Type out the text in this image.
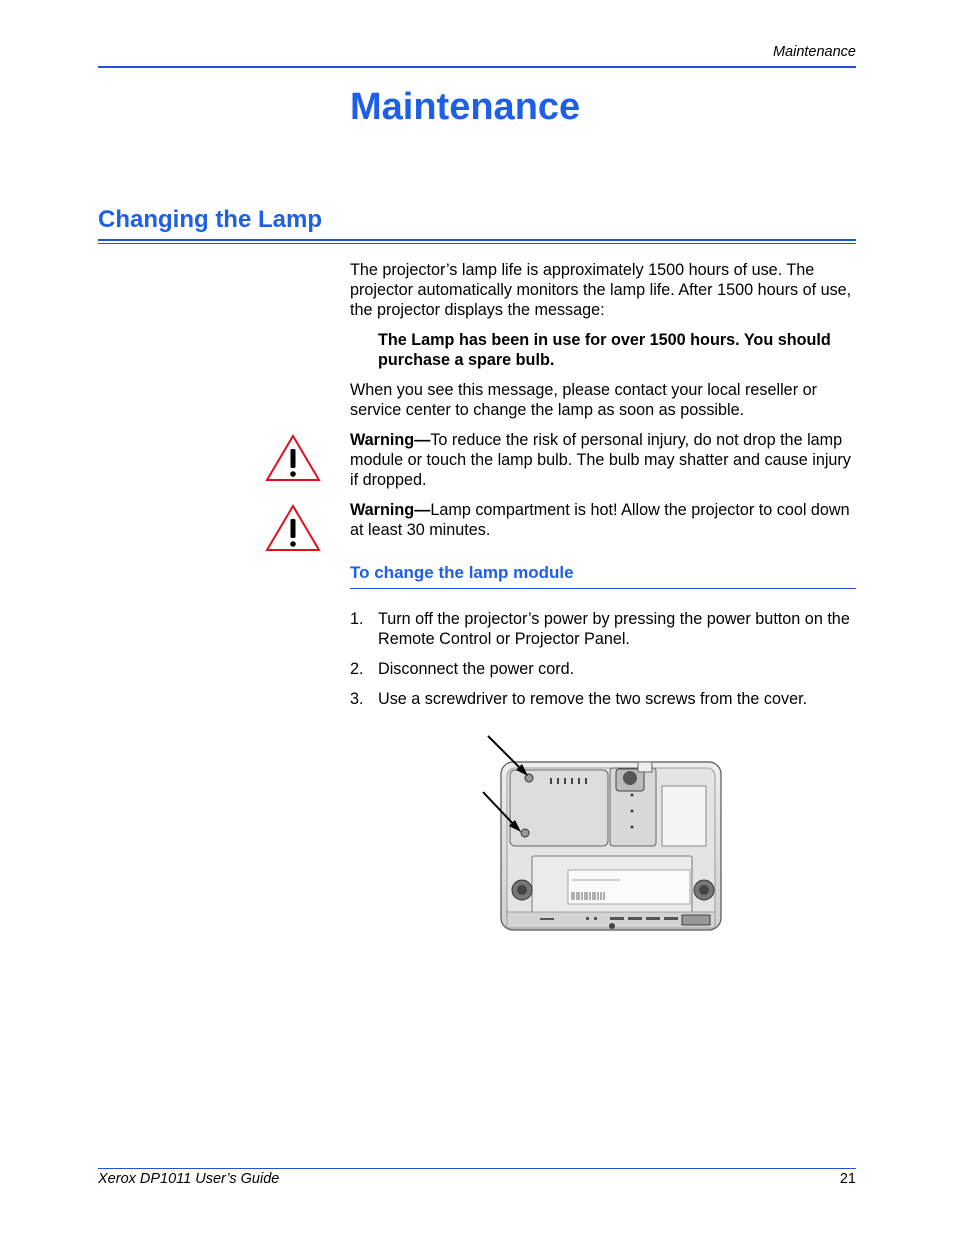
Maintenance
Maintenance
Changing the Lamp

The projector’s lamp life is approximately 1500 hours of use. The projector automatically monitors the lamp life. After 1500 hours of use, the projector displays the message:

The Lamp has been in use for over 1500 hours. You should purchase a spare bulb.

When you see this message, please contact your local reseller or service center to change the lamp as soon as possible.

Warning—To reduce the risk of personal injury, do not drop the lamp module or touch the lamp bulb. The bulb may shatter and cause injury if dropped.

Warning—Lamp compartment is hot! Allow the projector to cool down at least 30 minutes.

To change the lamp module
1. Turn off the projector’s power by pressing the power button on the Remote Control or Projector Panel.
2. Disconnect the power cord.
3. Use a screwdriver to remove the two screws from the cover.
Xerox DP1011 User’s Guide	21
